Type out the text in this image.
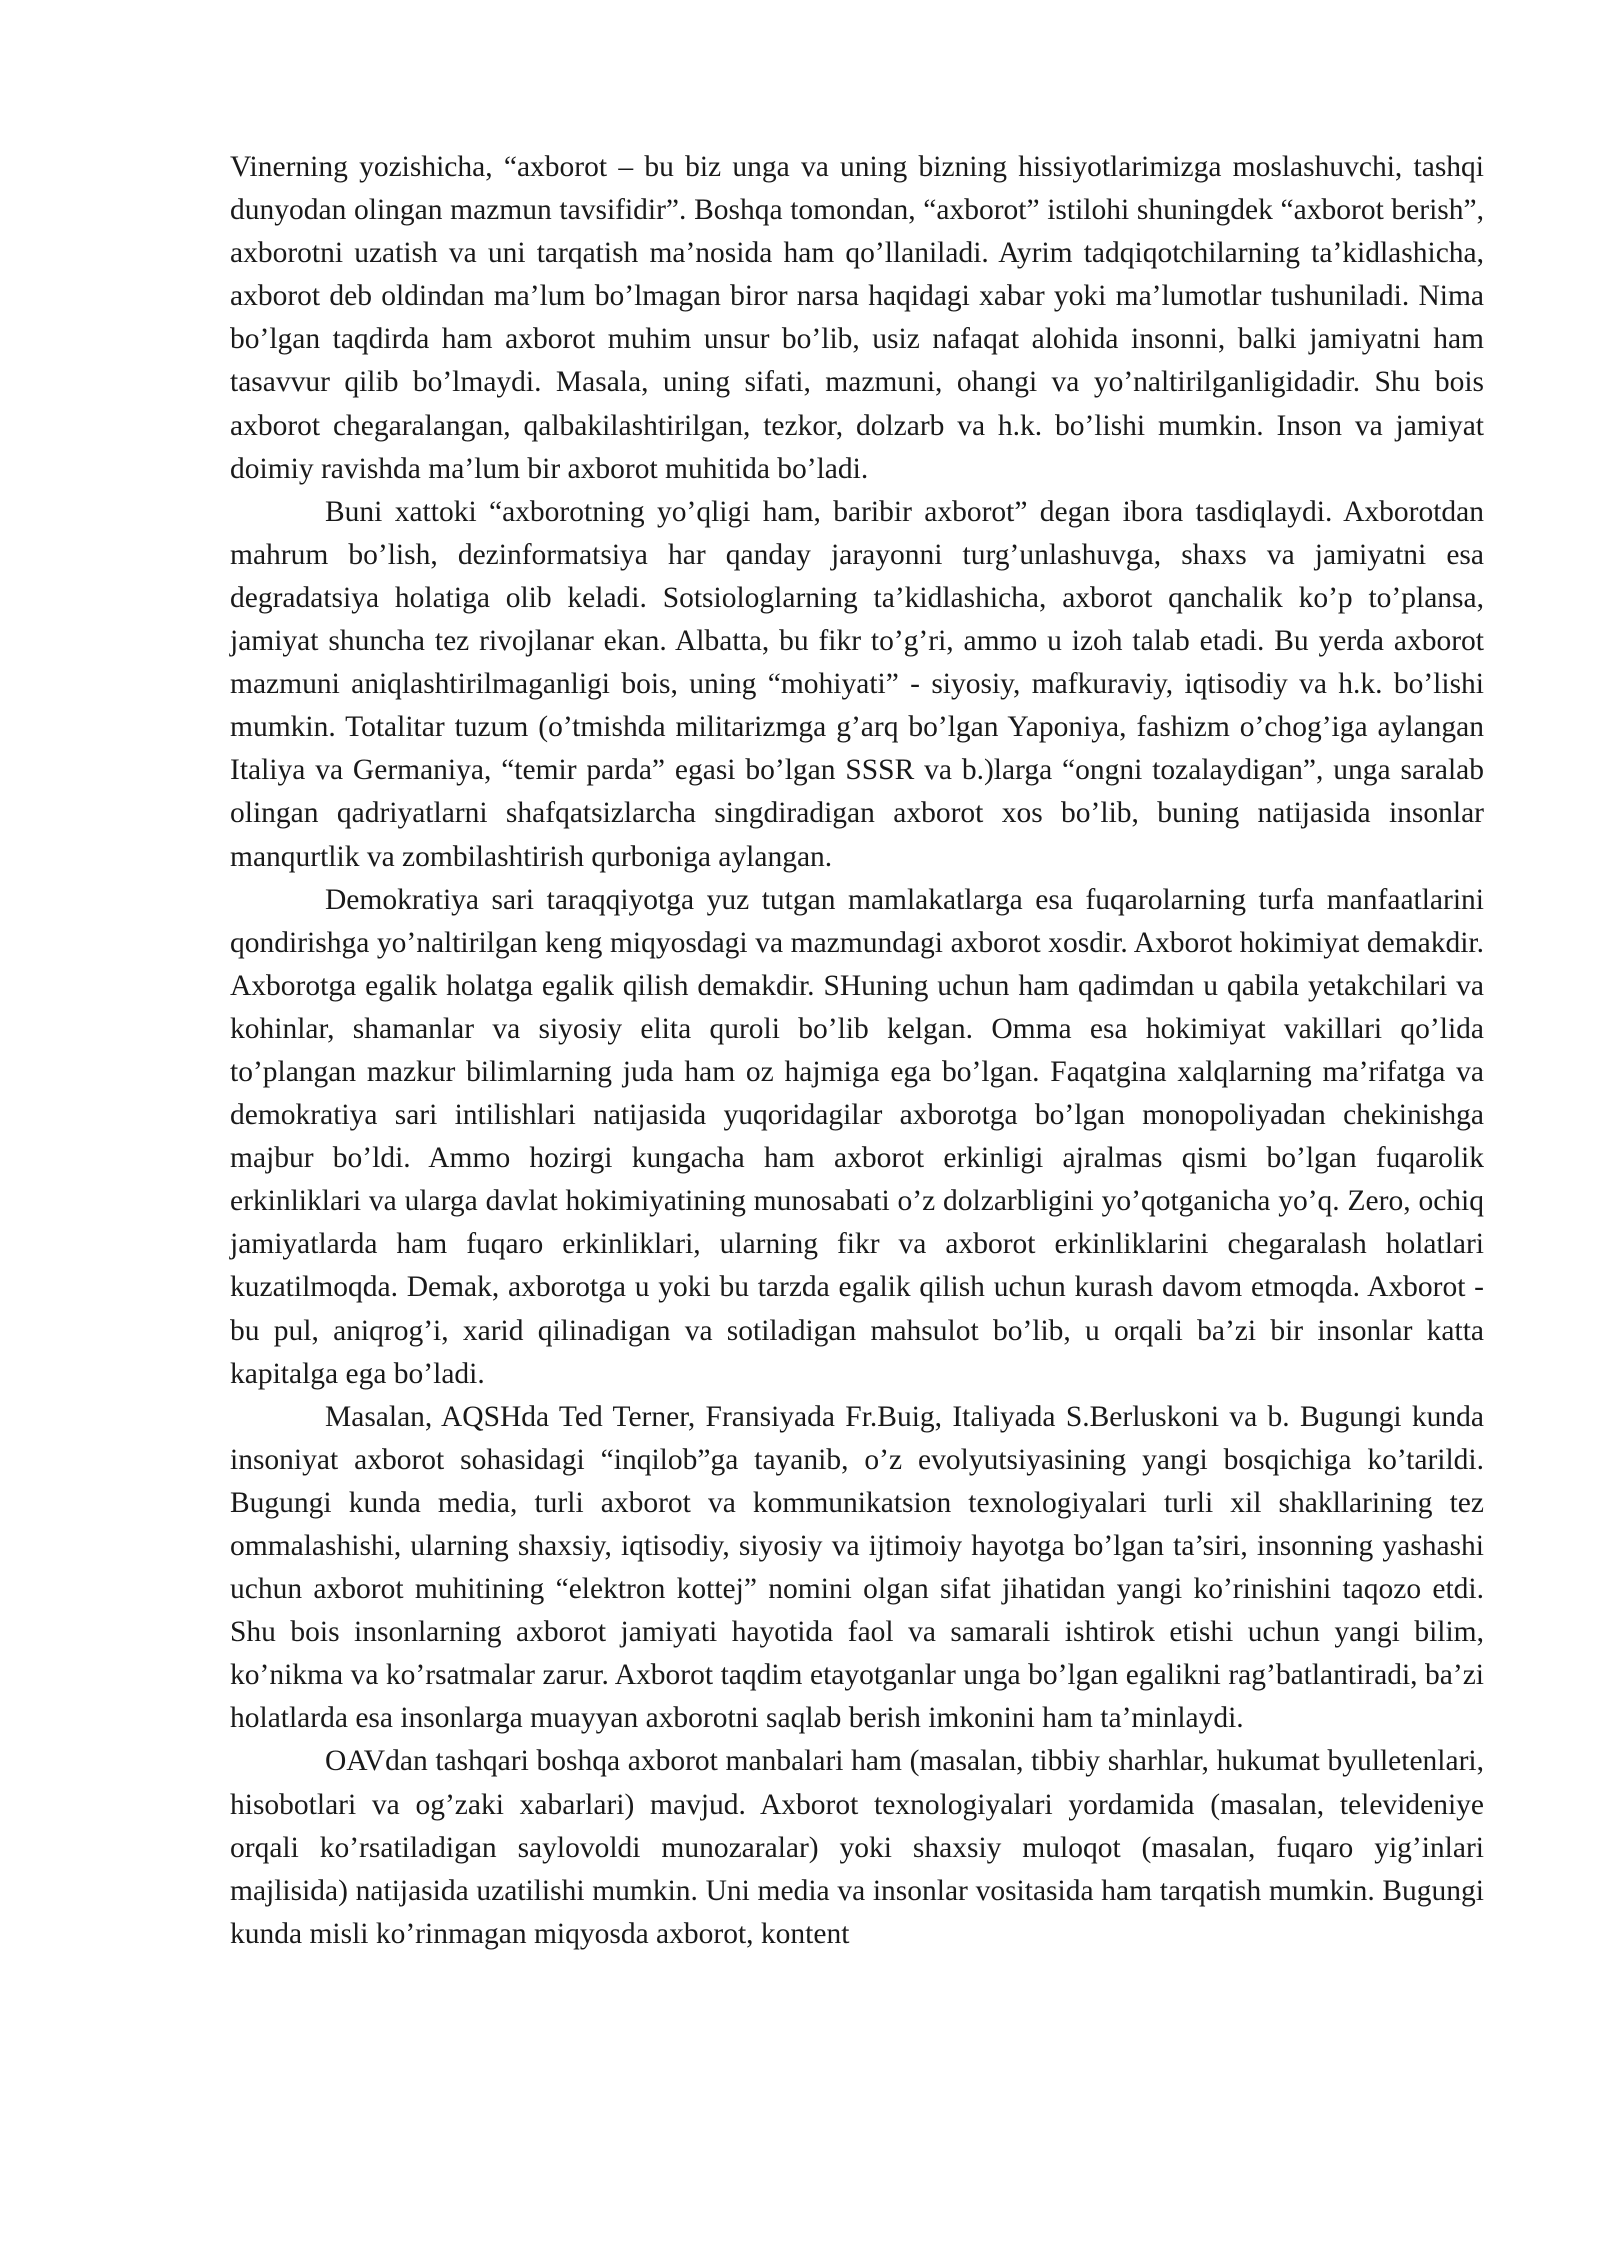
Vinerning yozishicha, “axborot – bu biz unga va uning bizning hissiyotlarimizga moslashuvchi, tashqi dunyodan olingan mazmun tavsifidir”. Boshqa tomondan, “axborot” istilohi shuningdek “axborot berish”, axborotni uzatish va uni tarqatish ma’nosida ham qo’llaniladi. Ayrim tadqiqotchilarning ta’kidlashicha, axborot deb oldindan ma’lum bo’lmagan biror narsa haqidagi xabar yoki ma’lumotlar tushuniladi. Nima bo’lgan taqdirda ham axborot muhim unsur bo’lib, usiz nafaqat alohida insonni, balki jamiyatni ham tasavvur qilib bo’lmaydi. Masala, uning sifati, mazmuni, ohangi va yo’naltirilganligidadir. Shu bois axborot chegaralangan, qalbakilashtirilgan, tezkor, dolzarb va h.k. bo’lishi mumkin. Inson va jamiyat doimiy ravishda ma’lum bir axborot muhitida bo’ladi.

Buni xattoki “axborotning yo’qligi ham, baribir axborot” degan ibora tasdiqlaydi. Axborotdan mahrum bo’lish, dezinformatsiya har qanday jarayonni turg’unlashuvga, shaxs va jamiyatni esa degradatsiya holatiga olib keladi. Sotsiologlarning ta’kidlashicha, axborot qanchalik ko’p to’plansa, jamiyat shuncha tez rivojlanar ekan. Albatta, bu fikr to’g’ri, ammo u izoh talab etadi. Bu yerda axborot mazmuni aniqlashtirilmaganligi bois, uning “mohiyati” - siyosiy, mafkuraviy, iqtisodiy va h.k. bo’lishi mumkin. Totalitar tuzum (o’tmishda militarizmga g’arq bo’lgan Yaponiya, fashizm o’chog’iga aylangan Italiya va Germaniya, “temir parda” egasi bo’lgan SSSR va b.)larga “ongni tozalaydigan”, unga saralab olingan qadriyatlarni shafqatsizlarcha singdiradigan axborot xos bo’lib, buning natijasida insonlar manqurtlik va zombilashtirish qurboniga aylangan.

Demokratiya sari taraqqiyotga yuz tutgan mamlakatlarga esa fuqarolarning turfa manfaatlarini qondirishga yo’naltirilgan keng miqyosdagi va mazmundagi axborot xosdir. Axborot hokimiyat demakdir. Axborotga egalik holatga egalik qilish demakdir. SHuning uchun ham qadimdan u qabila yetakchilari va kohinlar, shamanlar va siyosiy elita quroli bo’lib kelgan. Omma esa hokimiyat vakillari qo’lida to’plangan mazkur bilimlarning juda ham oz hajmiga ega bo’lgan. Faqatgina xalqlarning ma’rifatga va demokratiya sari intilishlari natijasida yuqoridagilar axborotga bo’lgan monopoliyadan chekinishga majbur bo’ldi. Ammo hozirgi kungacha ham axborot erkinligi ajralmas qismi bo’lgan fuqarolik erkinliklari va ularga davlat hokimiyatining munosabati o’z dolzarbligini yo’qotganicha yo’q. Zero, ochiq jamiyatlarda ham fuqaro erkinliklari, ularning fikr va axborot erkinliklarini chegaralash holatlari kuzatilmoqda. Demak, axborotga u yoki bu tarzda egalik qilish uchun kurash davom etmoqda. Axborot - bu pul, aniqrog’i, xarid qilinadigan va sotiladigan mahsulot bo’lib, u orqali ba’zi bir insonlar katta kapitalga ega bo’ladi.

Masalan, AQSHda Ted Terner, Fransiyada Fr.Buig, Italiyada S.Berluskoni va b. Bugungi kunda insoniyat axborot sohasidagi “inqilob”ga tayanib, o’z evolyutsiyasining yangi bosqichiga ko’tarildi. Bugungi kunda media, turli axborot va kommunikatsion texnologiyalari turli xil shakllarining tez ommalashishi, ularning shaxsiy, iqtisodiy, siyosiy va ijtimoiy hayotga bo’lgan ta’siri, insonning yashashi uchun axborot muhitining “elektron kottej” nomini olgan sifat jihatidan yangi ko’rinishini taqozo etdi. Shu bois insonlarning axborot jamiyati hayotida faol va samarali ishtirok etishi uchun yangi bilim, ko’nikma va ko’rsatmalar zarur. Axborot taqdim etayotganlar unga bo’lgan egalikni rag’batlantiradi, ba’zi holatlarda esa insonlarga muayyan axborotni saqlab berish imkonini ham ta’minlaydi.

OAVdan tashqari boshqa axborot manbalari ham (masalan, tibbiy sharhlar, hukumat byulletenlari, hisobotlari va og’zaki xabarlari) mavjud. Axborot texnologiyalari yordamida (masalan, televideniye orqali ko’rsatiladigan saylovoldi munozaralar) yoki shaxsiy muloqot (masalan, fuqaro yig’inlari majlisida) natijasida uzatilishi mumkin. Uni media va insonlar vositasida ham tarqatish mumkin. Bugungi kunda misli ko’rinmagan miqyosda axborot, kontent
